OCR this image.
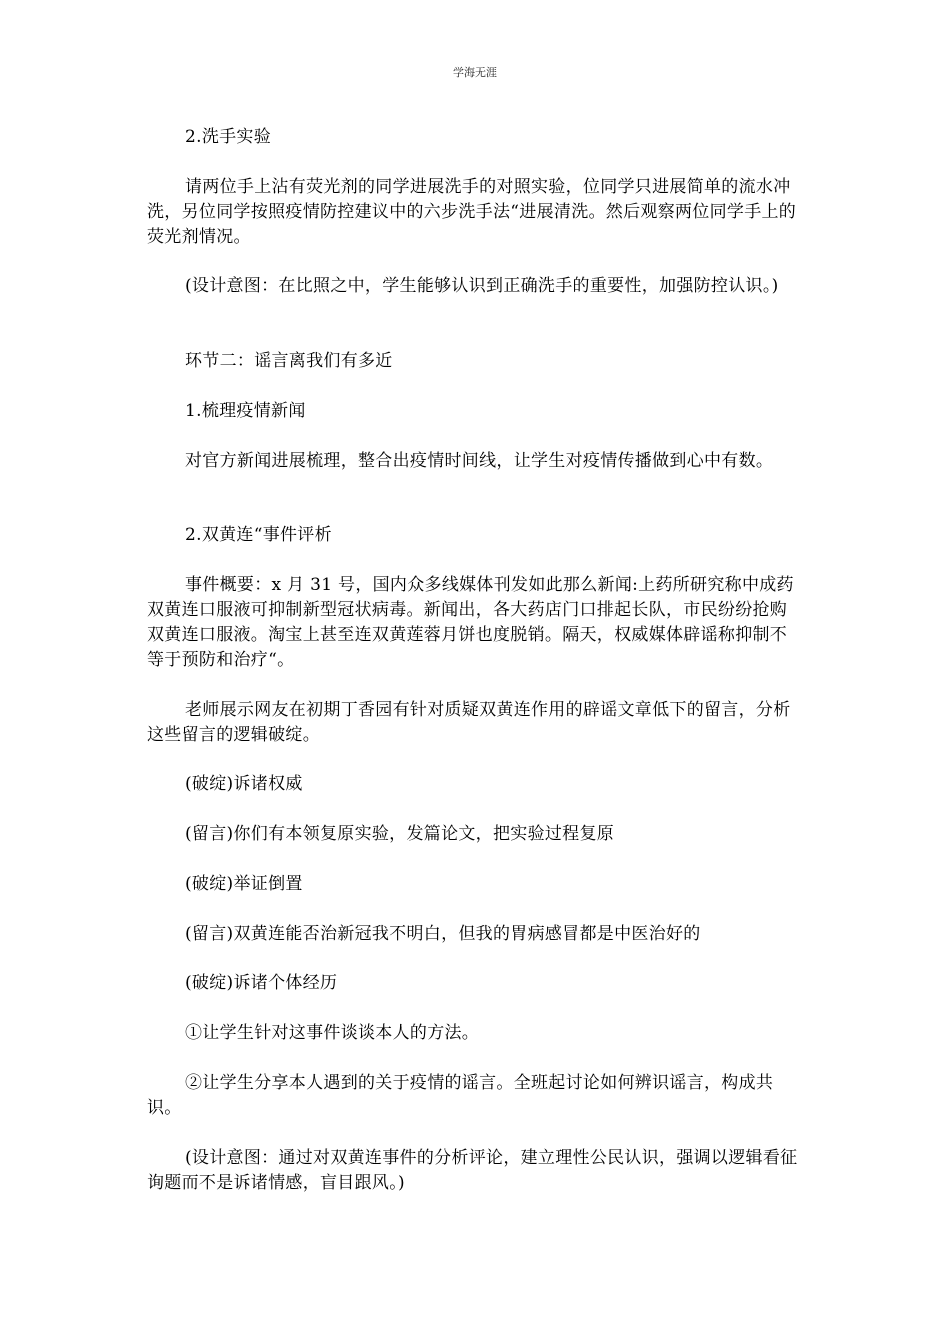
学海无涯

2.洗手实验

请两位手上沾有荧光剂的同学进展洗手的对照实验，位同学只进展简单的流水冲洗，另位同学按照疫情防控建议中的六步洗手法“进展清洗。然后观察两位同学手上的荧光剂情况。

(设计意图：在比照之中，学生能够认识到正确洗手的重要性，加强防控认识。)

环节二：谣言离我们有多近

1.梳理疫情新闻

对官方新闻进展梳理，整合出疫情时间线，让学生对疫情传播做到心中有数。

2.双黄连“事件评析

事件概要：x 月 31 号，国内众多线媒体刊发如此那么新闻:上药所研究称中成药双黄连口服液可抑制新型冠状病毒。新闻出，各大药店门口排起长队，市民纷纷抢购双黄连口服液。淘宝上甚至连双黄莲蓉月饼也度脱销。隔天，权威媒体辟谣称抑制不等于预防和治疗“。

老师展示网友在初期丁香园有针对质疑双黄连作用的辟谣文章低下的留言，分析这些留言的逻辑破绽。

(破绽)诉诸权威

(留言)你们有本领复原实验，发篇论文，把实验过程复原

(破绽)举证倒置

(留言)双黄连能否治新冠我不明白，但我的胃病感冒都是中医治好的

(破绽)诉诸个体经历

①让学生针对这事件谈谈本人的方法。

②让学生分享本人遇到的关于疫情的谣言。全班起讨论如何辨识谣言，构成共识。

(设计意图：通过对双黄连事件的分析评论，建立理性公民认识，强调以逻辑看征询题而不是诉诸情感，盲目跟风。)
